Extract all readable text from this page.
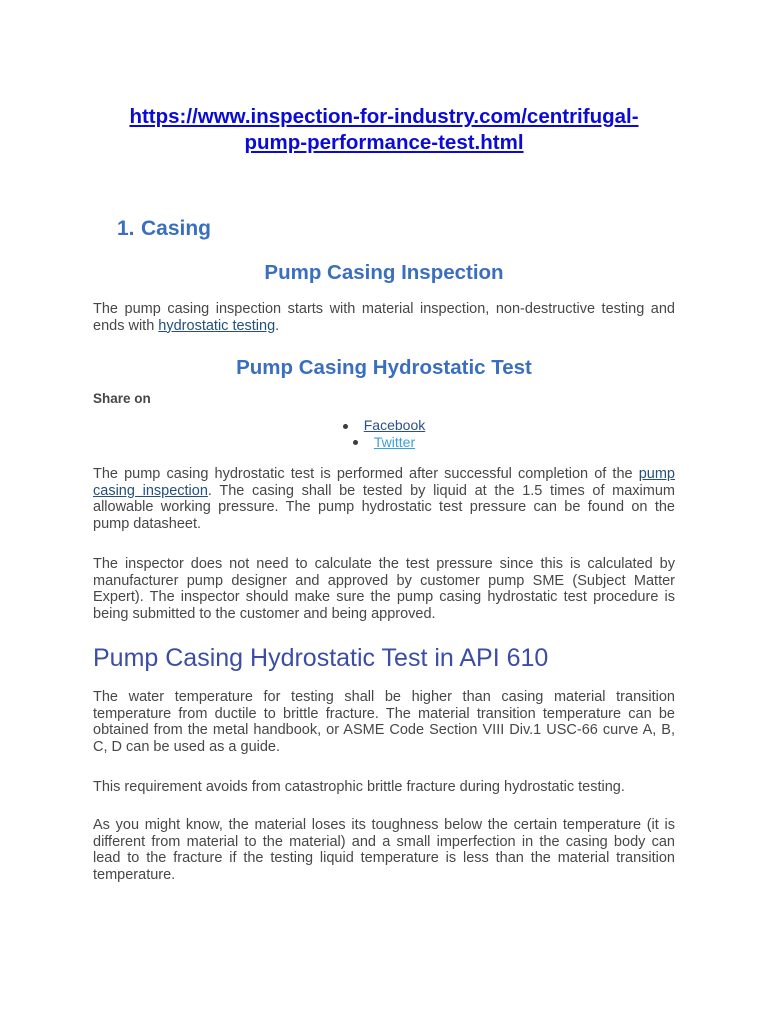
https://www.inspection-for-industry.com/centrifugal-
pump-performance-test.html
1. Casing
Pump Casing Inspection

The pump casing inspection starts with material inspection, non-destructive testing and ends with hydrostatic testing.

Pump Casing Hydrostatic Test
Share on
Facebook
Twitter

The pump casing hydrostatic test is performed after successful completion of the pump casing inspection. The casing shall be tested by liquid at the 1.5 times of maximum allowable working pressure. The pump hydrostatic test pressure can be found on the pump datasheet.

The inspector does not need to calculate the test pressure since this is calculated by manufacturer pump designer and approved by customer pump SME (Subject Matter Expert). The inspector should make sure the pump casing hydrostatic test procedure is being submitted to the customer and being approved.

Pump Casing Hydrostatic Test in API 610

The water temperature for testing shall be higher than casing material transition temperature from ductile to brittle fracture. The material transition temperature can be obtained from the metal handbook, or ASME Code Section VIII Div.1 USC-66 curve A, B, C, D can be used as a guide.

This requirement avoids from catastrophic brittle fracture during hydrostatic testing.

As you might know, the material loses its toughness below the certain temperature (it is different from material to the material) and a small imperfection in the casing body can lead to the fracture if the testing liquid temperature is less than the material transition temperature.
